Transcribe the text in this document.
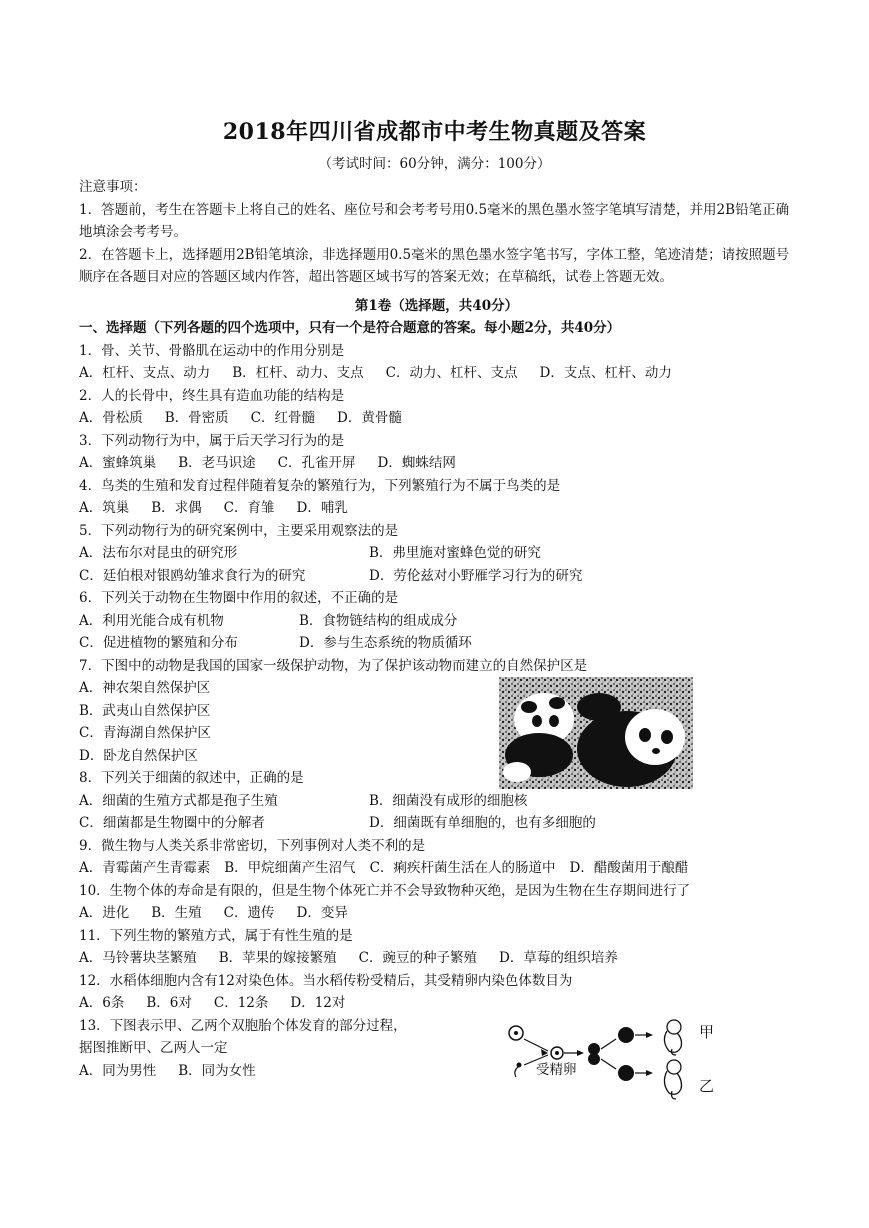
2018年四川省成都市中考生物真题及答案
（考试时间：60分钟，满分：100分）
注意事项：
1．答题前，考生在答题卡上将自己的姓名、座位号和会考考号用0.5毫米的黑色墨水签字笔填写清楚，并用2B铅笔正确地填涂会考考号。
2．在答题卡上，选择题用2B铅笔填涂，非选择题用0.5毫米的黑色墨水签字笔书写，字体工整，笔迹清楚；请按照题号顺序在各题目对应的答题区域内作答，超出答题区域书写的答案无效；在草稿纸，试卷上答题无效。
第1卷（选择题，共40分）
一、选择题（下列各题的四个选项中，只有一个是符合题意的答案。每小题2分，共40分）
1．骨、关节、骨骼肌在运动中的作用分别是
A．杠杆、支点、动力 B．杠杆、动力、支点 C．动力、杠杆、支点 D．支点、杠杆、动力
2．人的长骨中，终生具有造血功能的结构是
A．骨松质 B．骨密质 C．红骨髓 D．黄骨髓
3．下列动物行为中，属于后天学习行为的是
A．蜜蜂筑巢 B．老马识途 C．孔雀开屏 D．蜘蛛结网
4．鸟类的生殖和发育过程伴随着复杂的繁殖行为，下列繁殖行为不属于鸟类的是
A．筑巢 B．求偶 C．育雏 D．哺乳
5．下列动物行为的研究案例中，主要采用观察法的是
A．法布尔对昆虫的研究形	B．弗里施对蜜蜂色觉的研究
C．廷伯根对银鸥幼雏求食行为的研究	D．劳伦兹对小野雁学习行为的研究
6．下列关于动物在生物圈中作用的叙述，不正确的是
A．利用光能合成有机物	B．食物链结构的组成成分
C．促进植物的繁殖和分布	D．参与生态系统的物质循环
7．下图中的动物是我国的国家一级保护动物，为了保护该动物而建立的自然保护区是
A．神农架自然保护区
B．武夷山自然保护区
C．青海湖自然保护区
D．卧龙自然保护区
8．下列关于细菌的叙述中，正确的是
A．细菌的生殖方式都是孢子生殖	B．细菌没有成形的细胞核
C．细菌都是生物圈中的分解者	D．细菌既有单细胞的，也有多细胞的
9．微生物与人类关系非常密切，下列事例对人类不利的是
A．青霉菌产生青霉素 B．甲烷细菌产生沼气 C．痢疾杆菌生活在人的肠道中 D．醋酸菌用于酿醋
10．生物个体的寿命是有限的，但是生物个体死亡并不会导致物种灭绝，是因为生物在生存期间进行了
A．进化 B．生殖 C．遗传 D．变异
11．下列生物的繁殖方式，属于有性生殖的是
A．马铃薯块茎繁殖 B．苹果的嫁接繁殖 C．豌豆的种子繁殖 D．草莓的组织培养
12．水稻体细胞内含有12对染色体。当水稻传粉受精后，其受精卵内染色体数目为
A．6条 B．6对 C．12条 D．12对
13．下图表示甲、乙两个双胞胎个体发育的部分过程，
据图推断甲、乙两人一定
A．同为男性 B．同为女性	受精卵
甲
乙
